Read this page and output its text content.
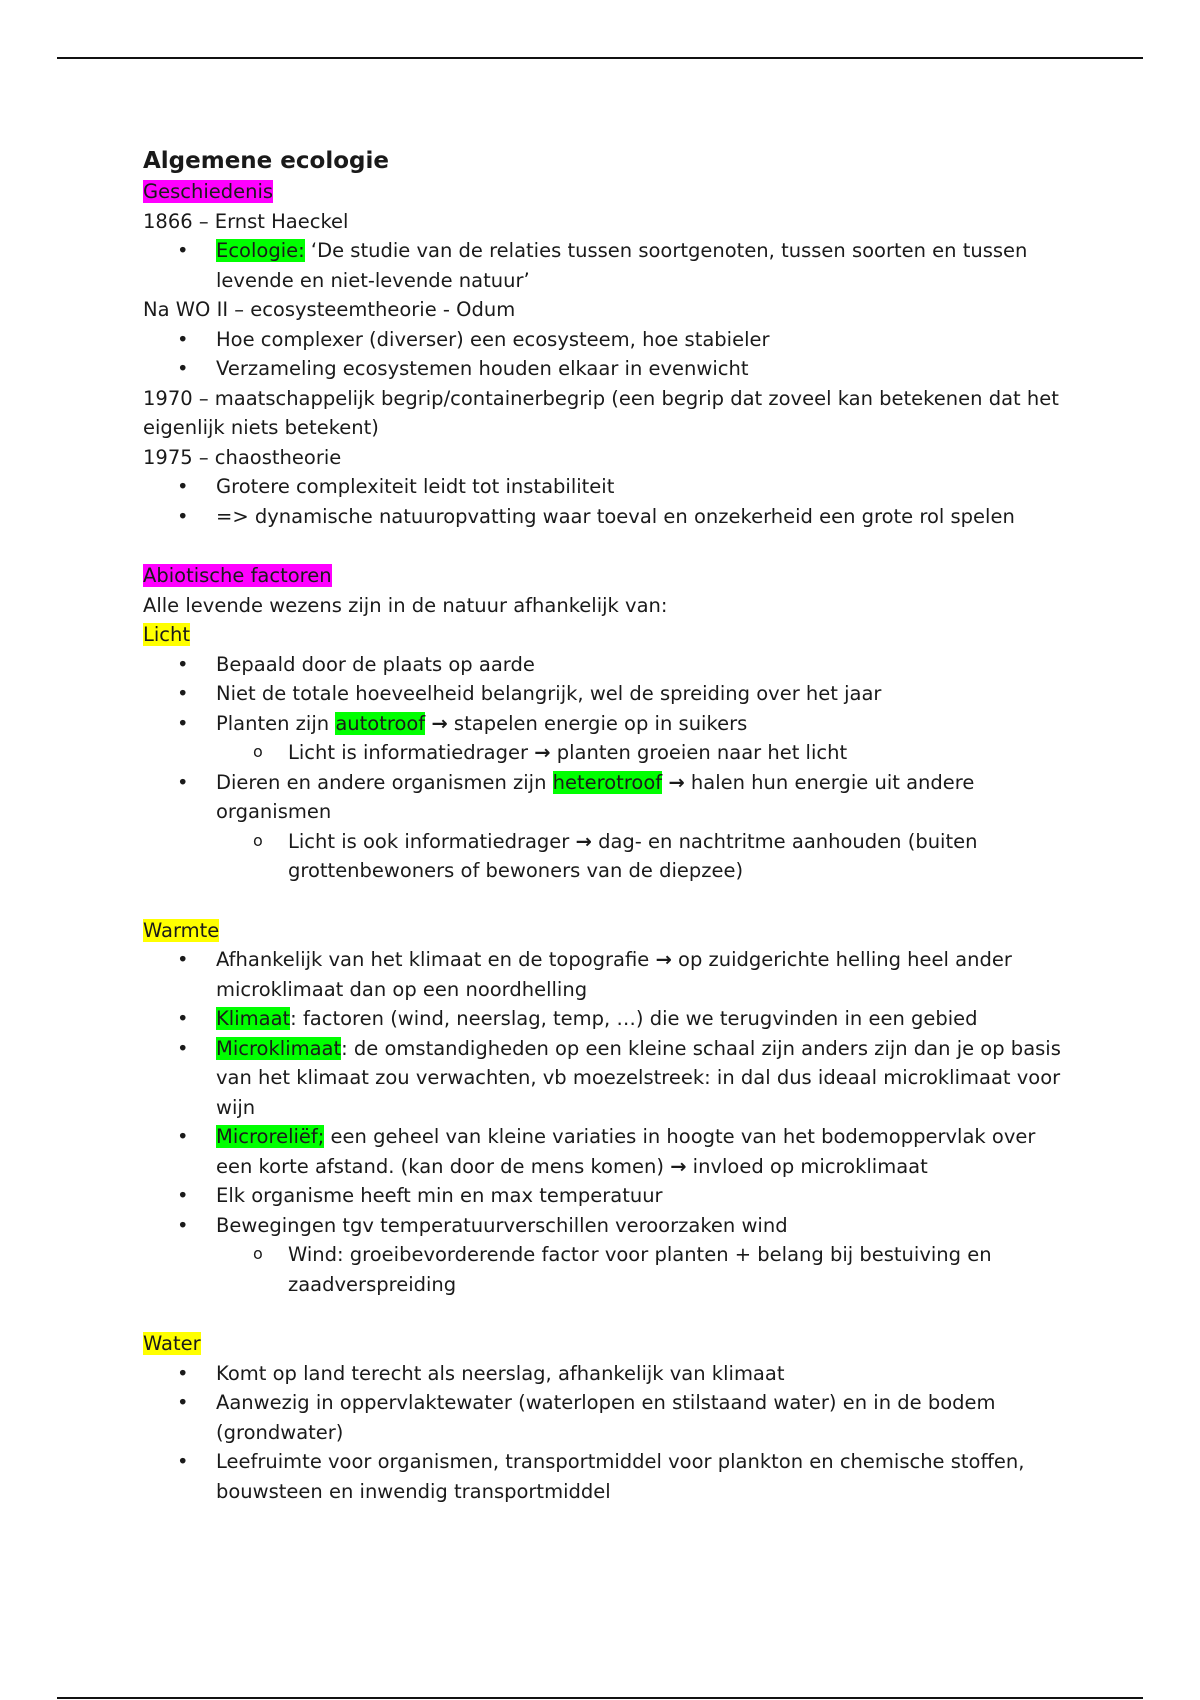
Algemene ecologie
Geschiedenis
1866 – Ernst Haeckel
• Ecologie: ‘De studie van de relaties tussen soortgenoten, tussen soorten en tussen levende en niet-levende natuur’
Na WO II – ecosysteemtheorie - Odum
• Hoe complexer (diverser) een ecosysteem, hoe stabieler
• Verzameling ecosystemen houden elkaar in evenwicht
1970 – maatschappelijk begrip/containerbegrip (een begrip dat zoveel kan betekenen dat het eigenlijk niets betekent)
1975 – chaostheorie
• Grotere complexiteit leidt tot instabiliteit
• => dynamische natuuropvatting waar toeval en onzekerheid een grote rol spelen
Abiotische factoren
Alle levende wezens zijn in de natuur afhankelijk van:
Licht
• Bepaald door de plaats op aarde
• Niet de totale hoeveelheid belangrijk, wel de spreiding over het jaar
• Planten zijn autotroof → stapelen energie op in suikers
o Licht is informatiedrager → planten groeien naar het licht
• Dieren en andere organismen zijn heterotroof → halen hun energie uit andere organismen
o Licht is ook informatiedrager → dag- en nachtritme aanhouden (buiten grottenbewoners of bewoners van de diepzee)
Warmte
• Afhankelijk van het klimaat en de topografie → op zuidgerichte helling heel ander microklimaat dan op een noordhelling
• Klimaat: factoren (wind, neerslag, temp, …) die we terugvinden in een gebied
• Microklimaat: de omstandigheden op een kleine schaal zijn anders zijn dan je op basis van het klimaat zou verwachten, vb moezelstreek: in dal dus ideaal microklimaat voor wijn
• Microreliëf; een geheel van kleine variaties in hoogte van het bodemoppervlak over een korte afstand. (kan door de mens komen) → invloed op microklimaat
• Elk organisme heeft min en max temperatuur
• Bewegingen tgv temperatuurverschillen veroorzaken wind
o Wind: groeibevorderende factor voor planten + belang bij bestuiving en zaadverspreiding
Water
• Komt op land terecht als neerslag, afhankelijk van klimaat
• Aanwezig in oppervlaktewater (waterlopen en stilstaand water) en in de bodem (grondwater)
• Leefruimte voor organismen, transportmiddel voor plankton en chemische stoffen, bouwsteen en inwendig transportmiddel
